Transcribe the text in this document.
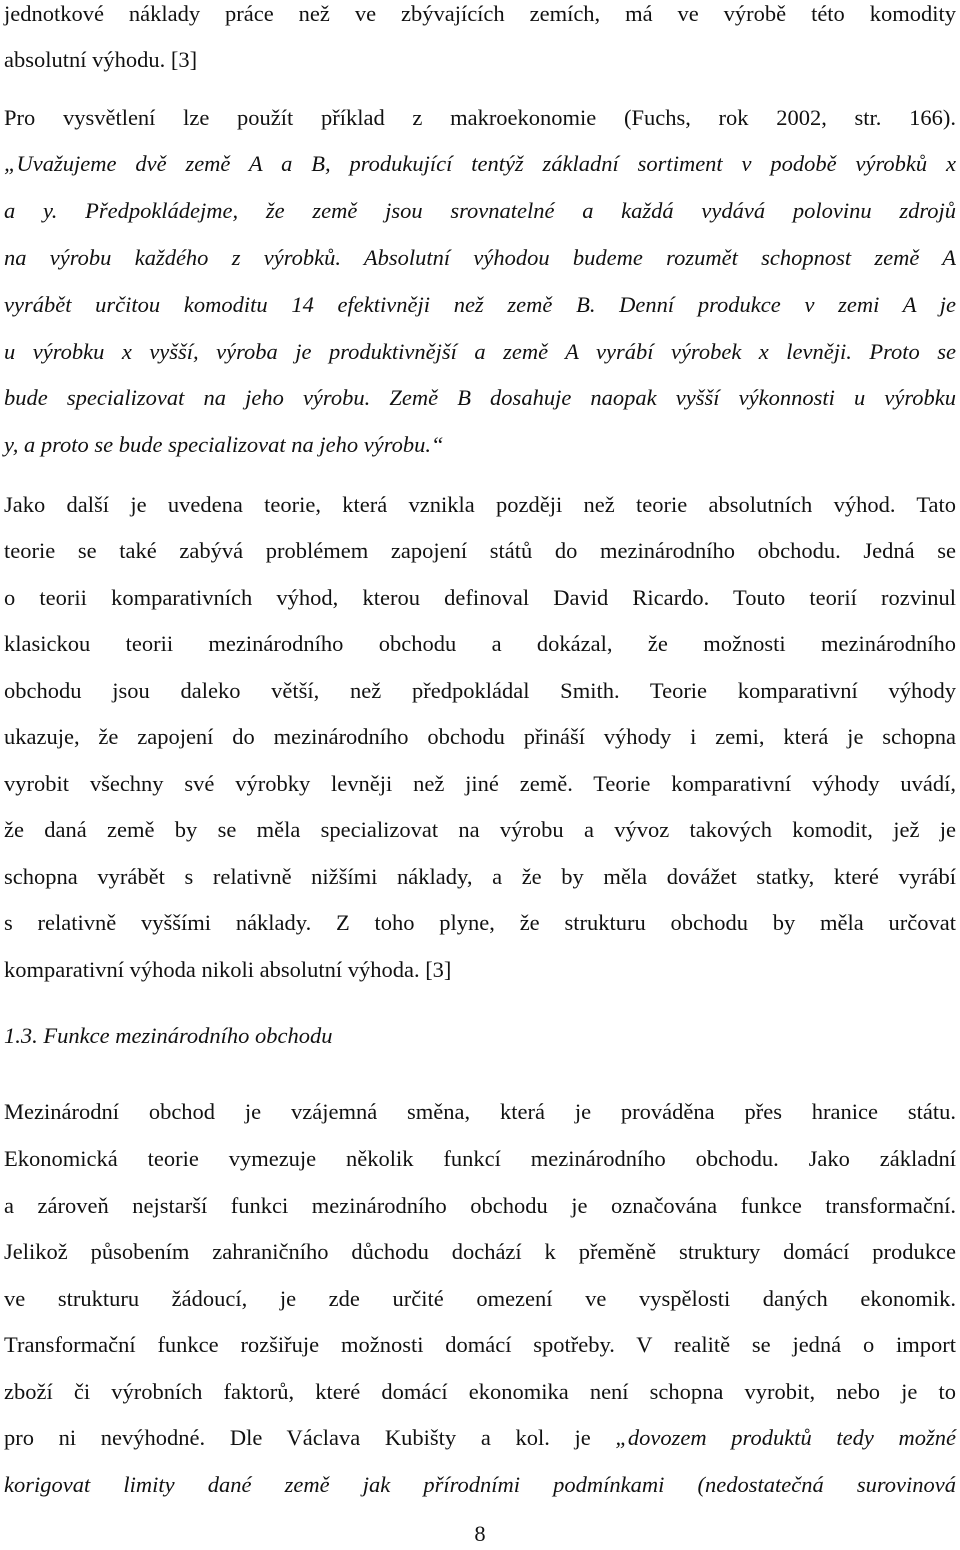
jednotkové náklady práce než ve zbývajících zemích, má ve výrobě této komodity
absolutní výhodu. [3]
Pro vysvětlení lze použít příklad z makroekonomie (Fuchs, rok 2002, str. 166).
„Uvažujeme dvě země A a B, produkující tentýž základní sortiment v podobě výrobků x
a y. Předpokládejme, že země jsou srovnatelné a každá vydává polovinu zdrojů
na výrobu každého z výrobků. Absolutní výhodou budeme rozumět schopnost země A
vyrábět určitou komoditu 14 efektivněji než země B. Denní produkce v zemi A je
u výrobku x vyšší, výroba je produktivnější a země A vyrábí výrobek x levněji. Proto se
bude specializovat na jeho výrobu. Země B dosahuje naopak vyšší výkonnosti u výrobku
y, a proto se bude specializovat na jeho výrobu.“
Jako další je uvedena teorie, která vznikla později než teorie absolutních výhod. Tato
teorie se také zabývá problémem zapojení států do mezinárodního obchodu. Jedná se
o teorii komparativních výhod, kterou definoval David Ricardo. Touto teorií rozvinul
klasickou teorii mezinárodního obchodu a dokázal, že možnosti mezinárodního
obchodu jsou daleko větší, než předpokládal Smith. Teorie komparativní výhody
ukazuje, že zapojení do mezinárodního obchodu přináší výhody i zemi, která je schopna
vyrobit všechny své výrobky levněji než jiné země. Teorie komparativní výhody uvádí,
že daná země by se měla specializovat na výrobu a vývoz takových komodit, jež je
schopna vyrábět s relativně nižšími náklady, a že by měla dovážet statky, které vyrábí
s relativně vyššími náklady. Z toho plyne, že strukturu obchodu by měla určovat
komparativní výhoda nikoli absolutní výhoda. [3]
1.3. Funkce mezinárodního obchodu
Mezinárodní obchod je vzájemná směna, která je prováděna přes hranice státu.
Ekonomická teorie vymezuje několik funkcí mezinárodního obchodu. Jako základní
a zároveň nejstarší funkci mezinárodního obchodu je označována funkce transformační.
Jelikož působením zahraničního důchodu dochází k přeměně struktury domácí produkce
ve strukturu žádoucí, je zde určité omezení ve vyspělosti daných ekonomik.
Transformační funkce rozšiřuje možnosti domácí spotřeby. V realitě se jedná o import
zboží či výrobních faktorů, které domácí ekonomika není schopna vyrobit, nebo je to
pro ni nevýhodné. Dle Václava Kubišty a kol. je „dovozem produktů tedy možné
korigovat limity dané země jak přírodními podmínkami (nedostatečná surovinová
8
